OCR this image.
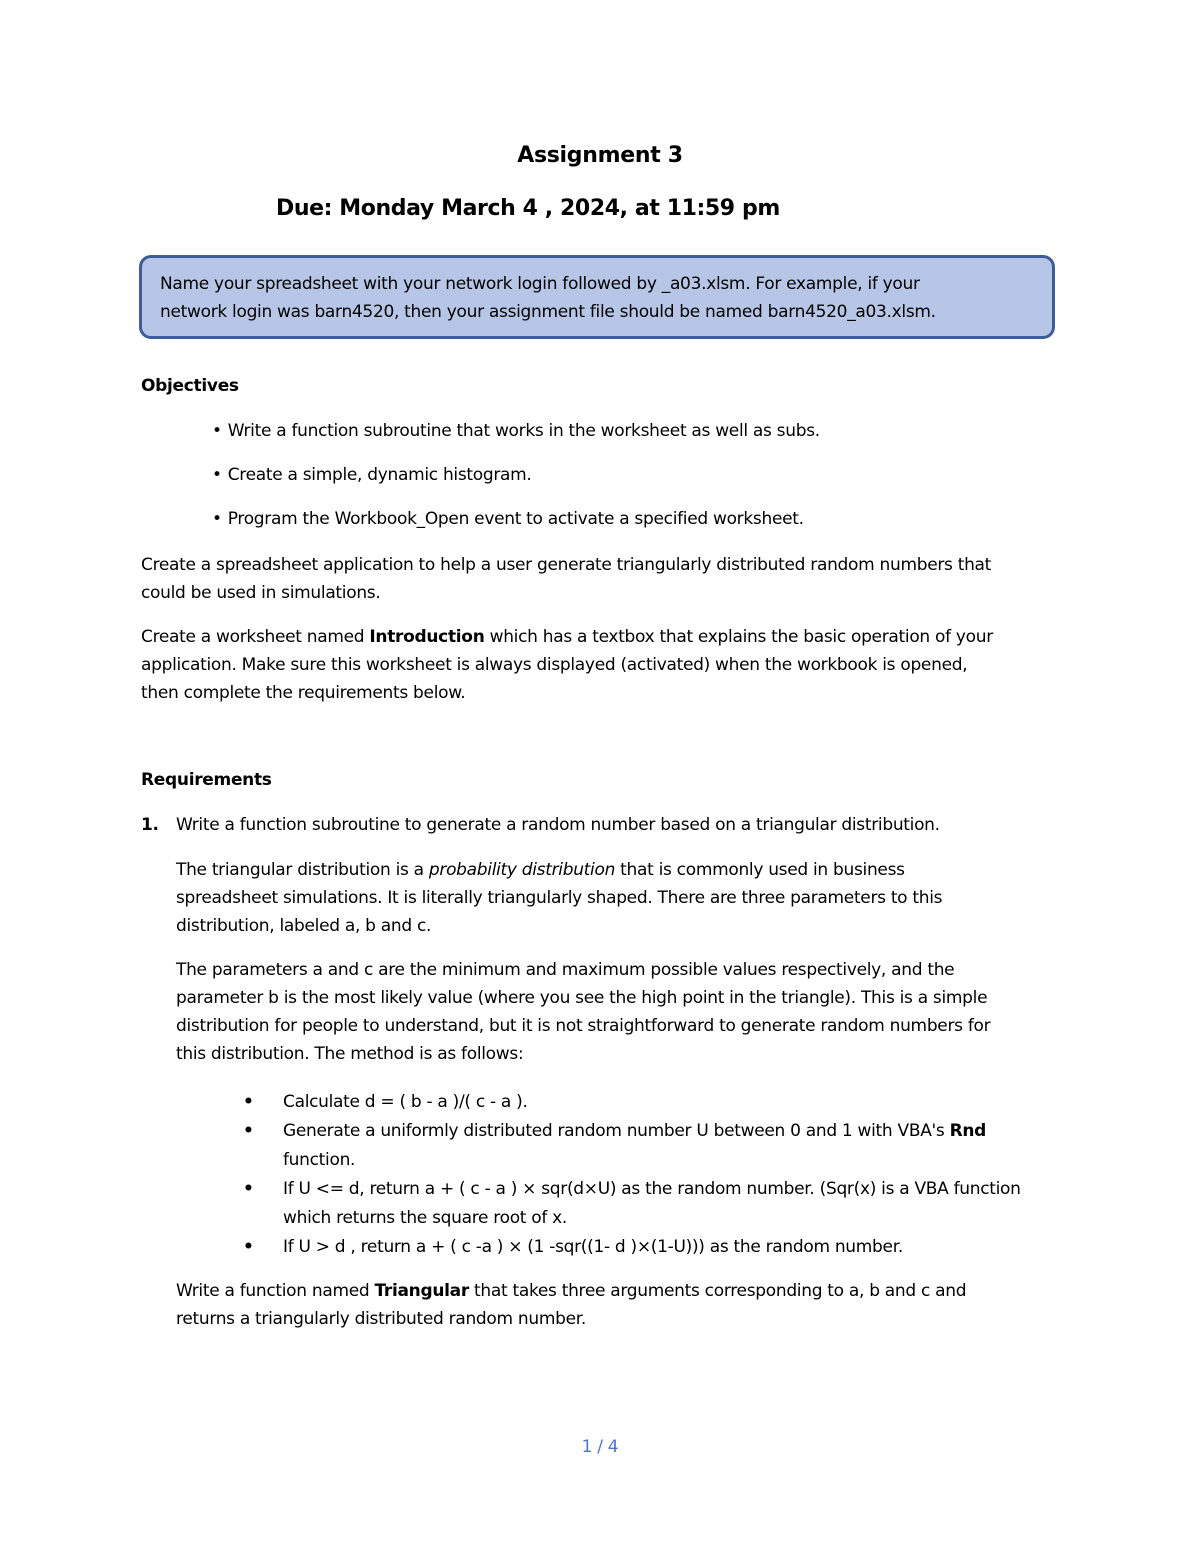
Assignment 3
Due: Monday March 4 , 2024, at 11:59 pm
Name your spreadsheet with your network login followed by _a03.xlsm. For example, if your
network login was barn4520, then your assignment file should be named barn4520_a03.xlsm.
Objectives
• Write a function subroutine that works in the worksheet as well as subs.
• Create a simple, dynamic histogram.
• Program the Workbook_Open event to activate a specified worksheet.
Create a spreadsheet application to help a user generate triangularly distributed random numbers that
could be used in simulations.
Create a worksheet named Introduction which has a textbox that explains the basic operation of your
application. Make sure this worksheet is always displayed (activated) when the workbook is opened,
then complete the requirements below.
Requirements
1. Write a function subroutine to generate a random number based on a triangular distribution.
The triangular distribution is a probability distribution that is commonly used in business
spreadsheet simulations. It is literally triangularly shaped. There are three parameters to this
distribution, labeled a, b and c.
The parameters a and c are the minimum and maximum possible values respectively, and the
parameter b is the most likely value (where you see the high point in the triangle). This is a simple
distribution for people to understand, but it is not straightforward to generate random numbers for
this distribution. The method is as follows:
• Calculate d = ( b - a )/( c - a ).
• Generate a uniformly distributed random number U between 0 and 1 with VBA's Rnd
function.
• If U <= d, return a + ( c - a ) × sqr(d×U) as the random number. (Sqr(x) is a VBA function
which returns the square root of x.
• If U > d , return a + ( c -a ) × (1 -sqr((1- d )×(1-U))) as the random number.
Write a function named Triangular that takes three arguments corresponding to a, b and c and
returns a triangularly distributed random number.
1 / 4
